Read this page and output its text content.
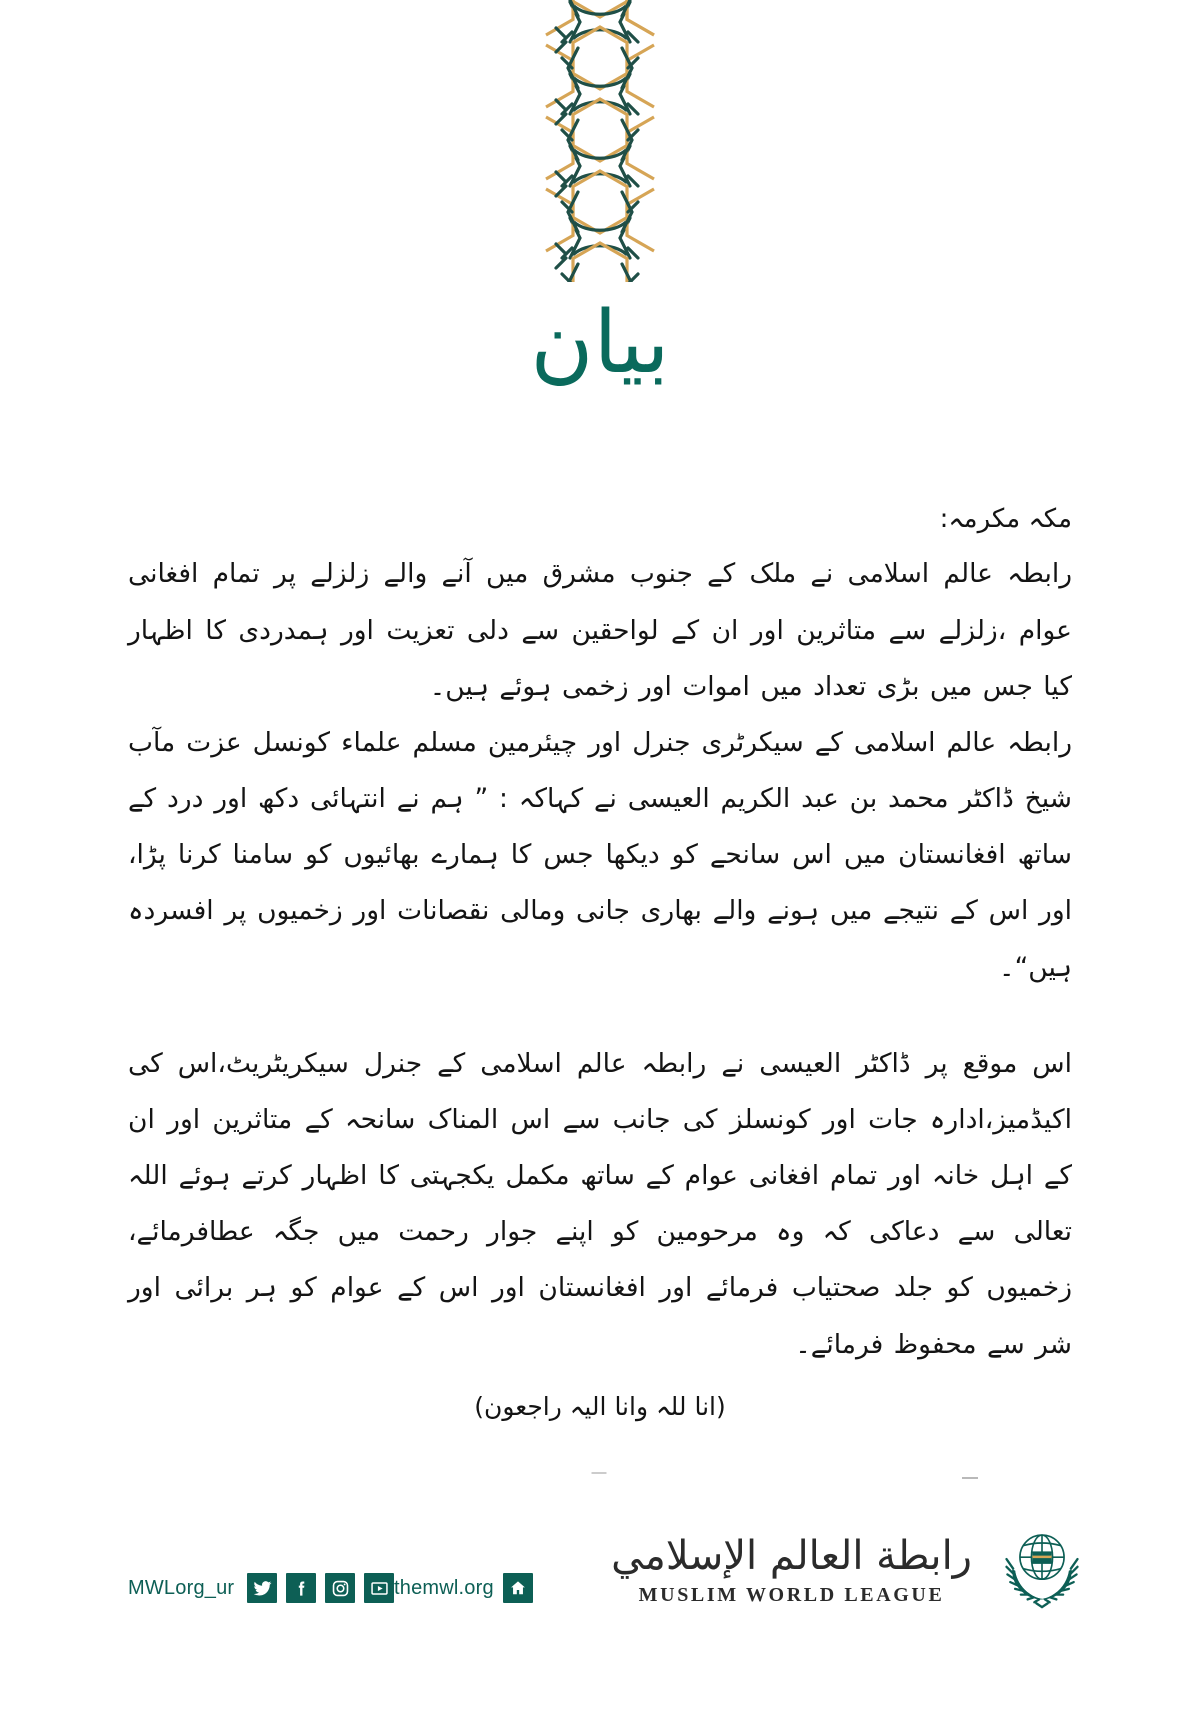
بیان

مکہ مکرمہ:

رابطہ عالم اسلامی نے ملک کے جنوب مشرق میں آنے والے زلزلے پر تمام افغانی عوام ،زلزلے سے متاثرین اور ان کے لواحقین سے دلی تعزیت اور ہمدردی کا اظہار کیا جس میں بڑی تعداد میں اموات اور زخمی ہوئے ہیں۔

رابطہ عالم اسلامی کے سیکرٹری جنرل اور چیئرمین مسلم علماء کونسل عزت مآب شیخ ڈاکٹر محمد بن عبد الکریم العیسی نے کہاکہ : ” ہم نے انتہائی دکھ اور درد کے ساتھ افغانستان میں اس سانحے کو دیکھا جس کا ہمارے بھائیوں کو سامنا کرنا پڑا، اور اس کے نتیجے میں ہونے والے بھاری جانی ومالی نقصانات اور زخمیوں پر افسردہ ہیں“۔

اس موقع پر ڈاکٹر العیسی نے رابطہ عالم اسلامی کے جنرل سیکریٹریٹ،اس کی اکیڈمیز،ادارہ جات اور کونسلز کی جانب سے اس المناک سانحہ کے متاثرین اور ان کے اہل خانہ اور تمام افغانی عوام کے ساتھ مکمل یکجہتی کا اظہار کرتے ہوئے اللہ تعالی سے دعاکی کہ وہ مرحومین کو اپنے جوار رحمت میں جگہ عطافرمائے، زخمیوں کو جلد صحتیاب فرمائے اور افغانستان اور اس کے عوام کو ہر برائی اور شر سے محفوظ فرمائے۔

(انا للہ وانا الیہ راجعون)

—
MWLorg_ur	themwl.org
رابطة العالم الإسلامي
MUSLIM WORLD LEAGUE
